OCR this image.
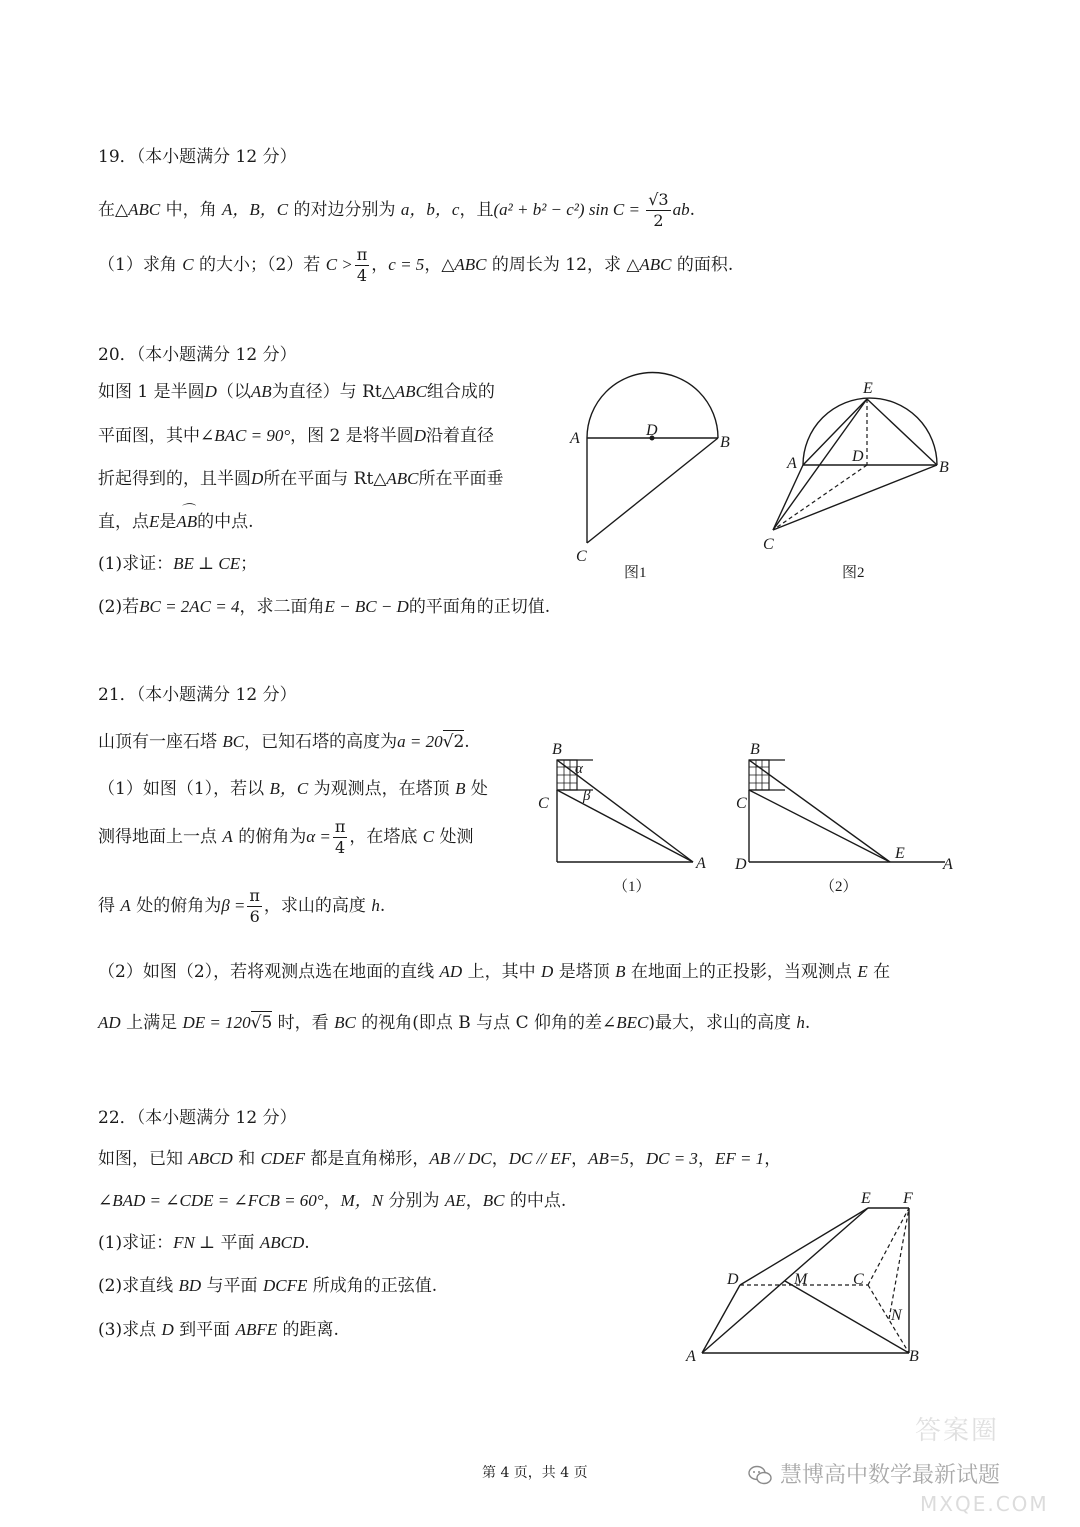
19．（本小题满分 12 分）
在△ABC 中，角 A，B，C 的对边分别为 a，b，c，且(a² + b² − c²) $\sin C = \frac{√3}{2}$ ab.
（1）求角 C 的大小；（2）若 $C > \frac{\pi}{4}$ ，c = 5，△ABC 的周长为 12，求 △ABC 的面积.
20．（本小题满分 12 分）
如图 1 是半圆D（以AB为直径）与 Rt△ABC组合成的
平面图，其中∠BAC = 90°，图 2 是将半圆D沿着直径
折起得到的，且半圆D所在平面与 Rt△ABC所在平面垂
直，点E是⌒ AB的中点.
(1)求证：BE ⊥ CE；
(2)若BC = 2AC = 4，求二面角E − BC − D的平面角的正切值.
A	B
D
C
图1
E
A	D
B
C
图2
21．（本小题满分 12 分）
山顶有一座石塔 BC，已知石塔的高度为a = 20√2.
（1）如图（1），若以 B，C 为观测点，在塔顶 B 处
测得地面上一点 A 的俯角为$\alpha = \frac{\pi}{4}$ ，在塔底 C 处测
得 A 处的俯角为$\beta = \frac{\pi}{6}$ ，求山的高度 h.
（2）如图（2），若将观测点选在地面的直线 AD 上，其中 D 是塔顶 B 在地面上的正投影，当观测点 E 在
AD 上满足 DE = 120√5 时，看 BC 的视角(即点 B 与点 C 仰角的差∠BEC)最大，求山的高度 h.
B
C
α
β
A
（1）
B
C
D
E
A
（2）
22．（本小题满分 12 分）
如图，已知 ABCD 和 CDEF 都是直角梯形，AB // DC，DC // EF，AB=5，DC = 3，EF = 1，
∠BAD = ∠CDE = ∠FCB = 60°，M，N 分别为 AE，BC 的中点.
(1)求证：FN ⊥ 平面 ABCD.
(2)求直线 BD 与平面 DCFE 所成角的正弦值.
(3)求点 D 到平面 ABFE 的距离.
E F
D	M	C
N
A	B
第 4 页，共 4 页	慧博高中数学最新试题
答案圈
MXQE.COM
